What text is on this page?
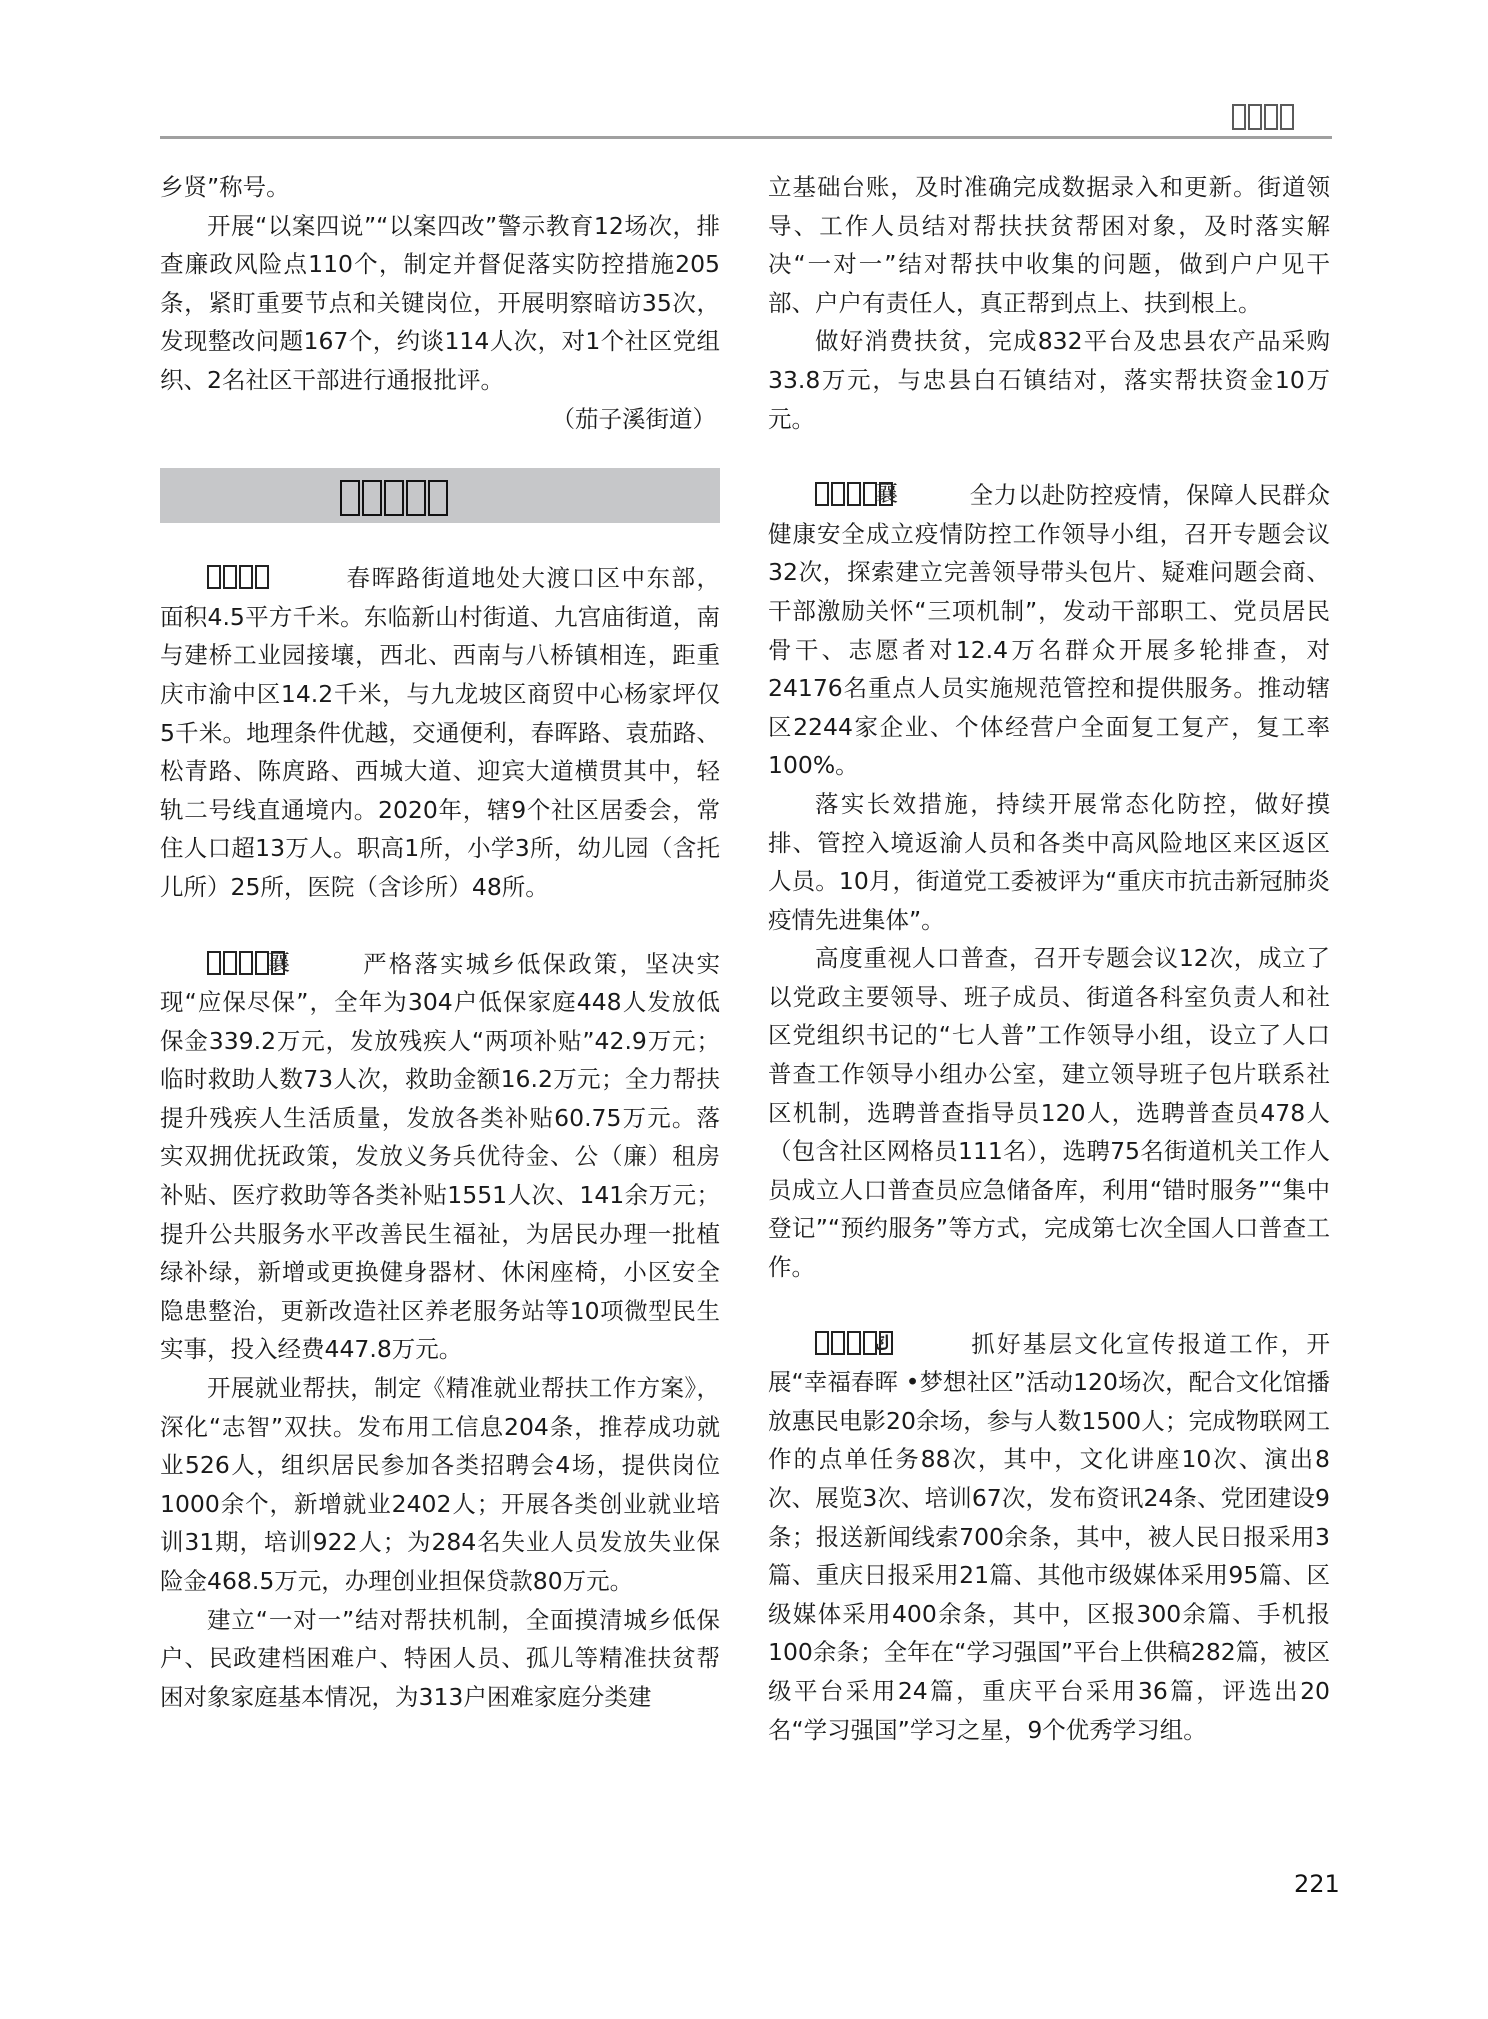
乡贤”称号。

开展“以案四说”“以案四改”警示教育12场次，排查廉政风险点110个，制定并督促落实防控措施205条，紧盯重要节点和关键岗位，开展明察暗访35次，发现整改问题167个，约谈114人次，对1个社区党组织、2名社区干部进行通报批评。

（茄子溪街道）

春晖路街道地处大渡口区中东部，面积4.5平方千米。东临新山村街道、九宫庙街道，南与建桥工业园接壤，西北、西南与八桥镇相连，距重庆市渝中区14.2千米，与九龙坡区商贸中心杨家坪仅5千米。地理条件优越，交通便利，春晖路、袁茄路、松青路、陈庹路、西城大道、迎宾大道横贯其中，轻轨二号线直通境内。2020年，辖9个社区居委会，常住人口超13万人。职高1所，小学3所，幼儿园（含托儿所）25所，医院（含诊所）48所。

襄	严格落实城乡低保政策，坚决实现“应保尽保”，全年为304户低保家庭448人发放低保金339.2万元，发放残疾人“两项补贴”42.9万元；临时救助人数73人次，救助金额16.2万元；全力帮扶提升残疾人生活质量，发放各类补贴60.75万元。落实双拥优抚政策，发放义务兵优待金、公（廉）租房补贴、医疗救助等各类补贴1551人次、141余万元；提升公共服务水平改善民生福祉，为居民办理一批植绿补绿，新增或更换健身器材、休闲座椅，小区安全隐患整治，更新改造社区养老服务站等10项微型民生实事，投入经费447.8万元。

开展就业帮扶，制定《精准就业帮扶工作方案》，深化“志智”双扶。发布用工信息204条，推荐成功就业526人，组织居民参加各类招聘会4场，提供岗位1000余个，新增就业2402人；开展各类创业就业培训31期，培训922人；为284名失业人员发放失业保险金468.5万元，办理创业担保贷款80万元。

建立“一对一”结对帮扶机制，全面摸清城乡低保户、民政建档困难户、特困人员、孤儿等精准扶贫帮困对象家庭基本情况，为313户困难家庭分类建

立基础台账，及时准确完成数据录入和更新。街道领导、工作人员结对帮扶扶贫帮困对象，及时落实解决“一对一”结对帮扶中收集的问题，做到户户见干部、户户有责任人，真正帮到点上、扶到根上。

做好消费扶贫，完成832平台及忠县农产品采购33.8万元，与忠县白石镇结对，落实帮扶资金10万元。

襄	全力以赴防控疫情，保障人民群众健康安全成立疫情防控工作领导小组，召开专题会议32次，探索建立完善领导带头包片、疑难问题会商、干部激励关怀“三项机制”，发动干部职工、党员居民骨干、志愿者对12.4万名群众开展多轮排查，对24176名重点人员实施规范管控和提供服务。推动辖区2244家企业、个体经营户全面复工复产，复工率100%。

落实长效措施，持续开展常态化防控，做好摸排、管控入境返渝人员和各类中高风险地区来区返区人员。10月，街道党工委被评为“重庆市抗击新冠肺炎疫情先进集体”。

高度重视人口普查，召开专题会议12次，成立了以党政主要领导、班子成员、街道各科室负责人和社区党组织书记的“七人普”工作领导小组，设立了人口普查工作领导小组办公室，建立领导班子包片联系社区机制，选聘普查指导员120人，选聘普查员478人（包含社区网格员111名），选聘75名街道机关工作人员成立人口普查员应急储备库，利用“错时服务”“集中登记”“预约服务”等方式，完成第七次全国人口普查工作。

ݿ	抓好基层文化宣传报道工作，开展“幸福春晖 •梦想社区”活动120场次，配合文化馆播放惠民电影20余场，参与人数1500人；完成物联网工作的点单任务88次，其中，文化讲座10次、演出8次、展览3次、培训67次，发布资讯24条、党团建设9条；报送新闻线索700余条，其中，被人民日报采用3篇、重庆日报采用21篇、其他市级媒体采用95篇、区级媒体采用400余条，其中，区报300余篇、手机报100余条；全年在“学习强国”平台上供稿282篇，被区级平台采用24篇，重庆平台采用36篇，评选出20名“学习强国”学习之星，9个优秀学习组。

221
